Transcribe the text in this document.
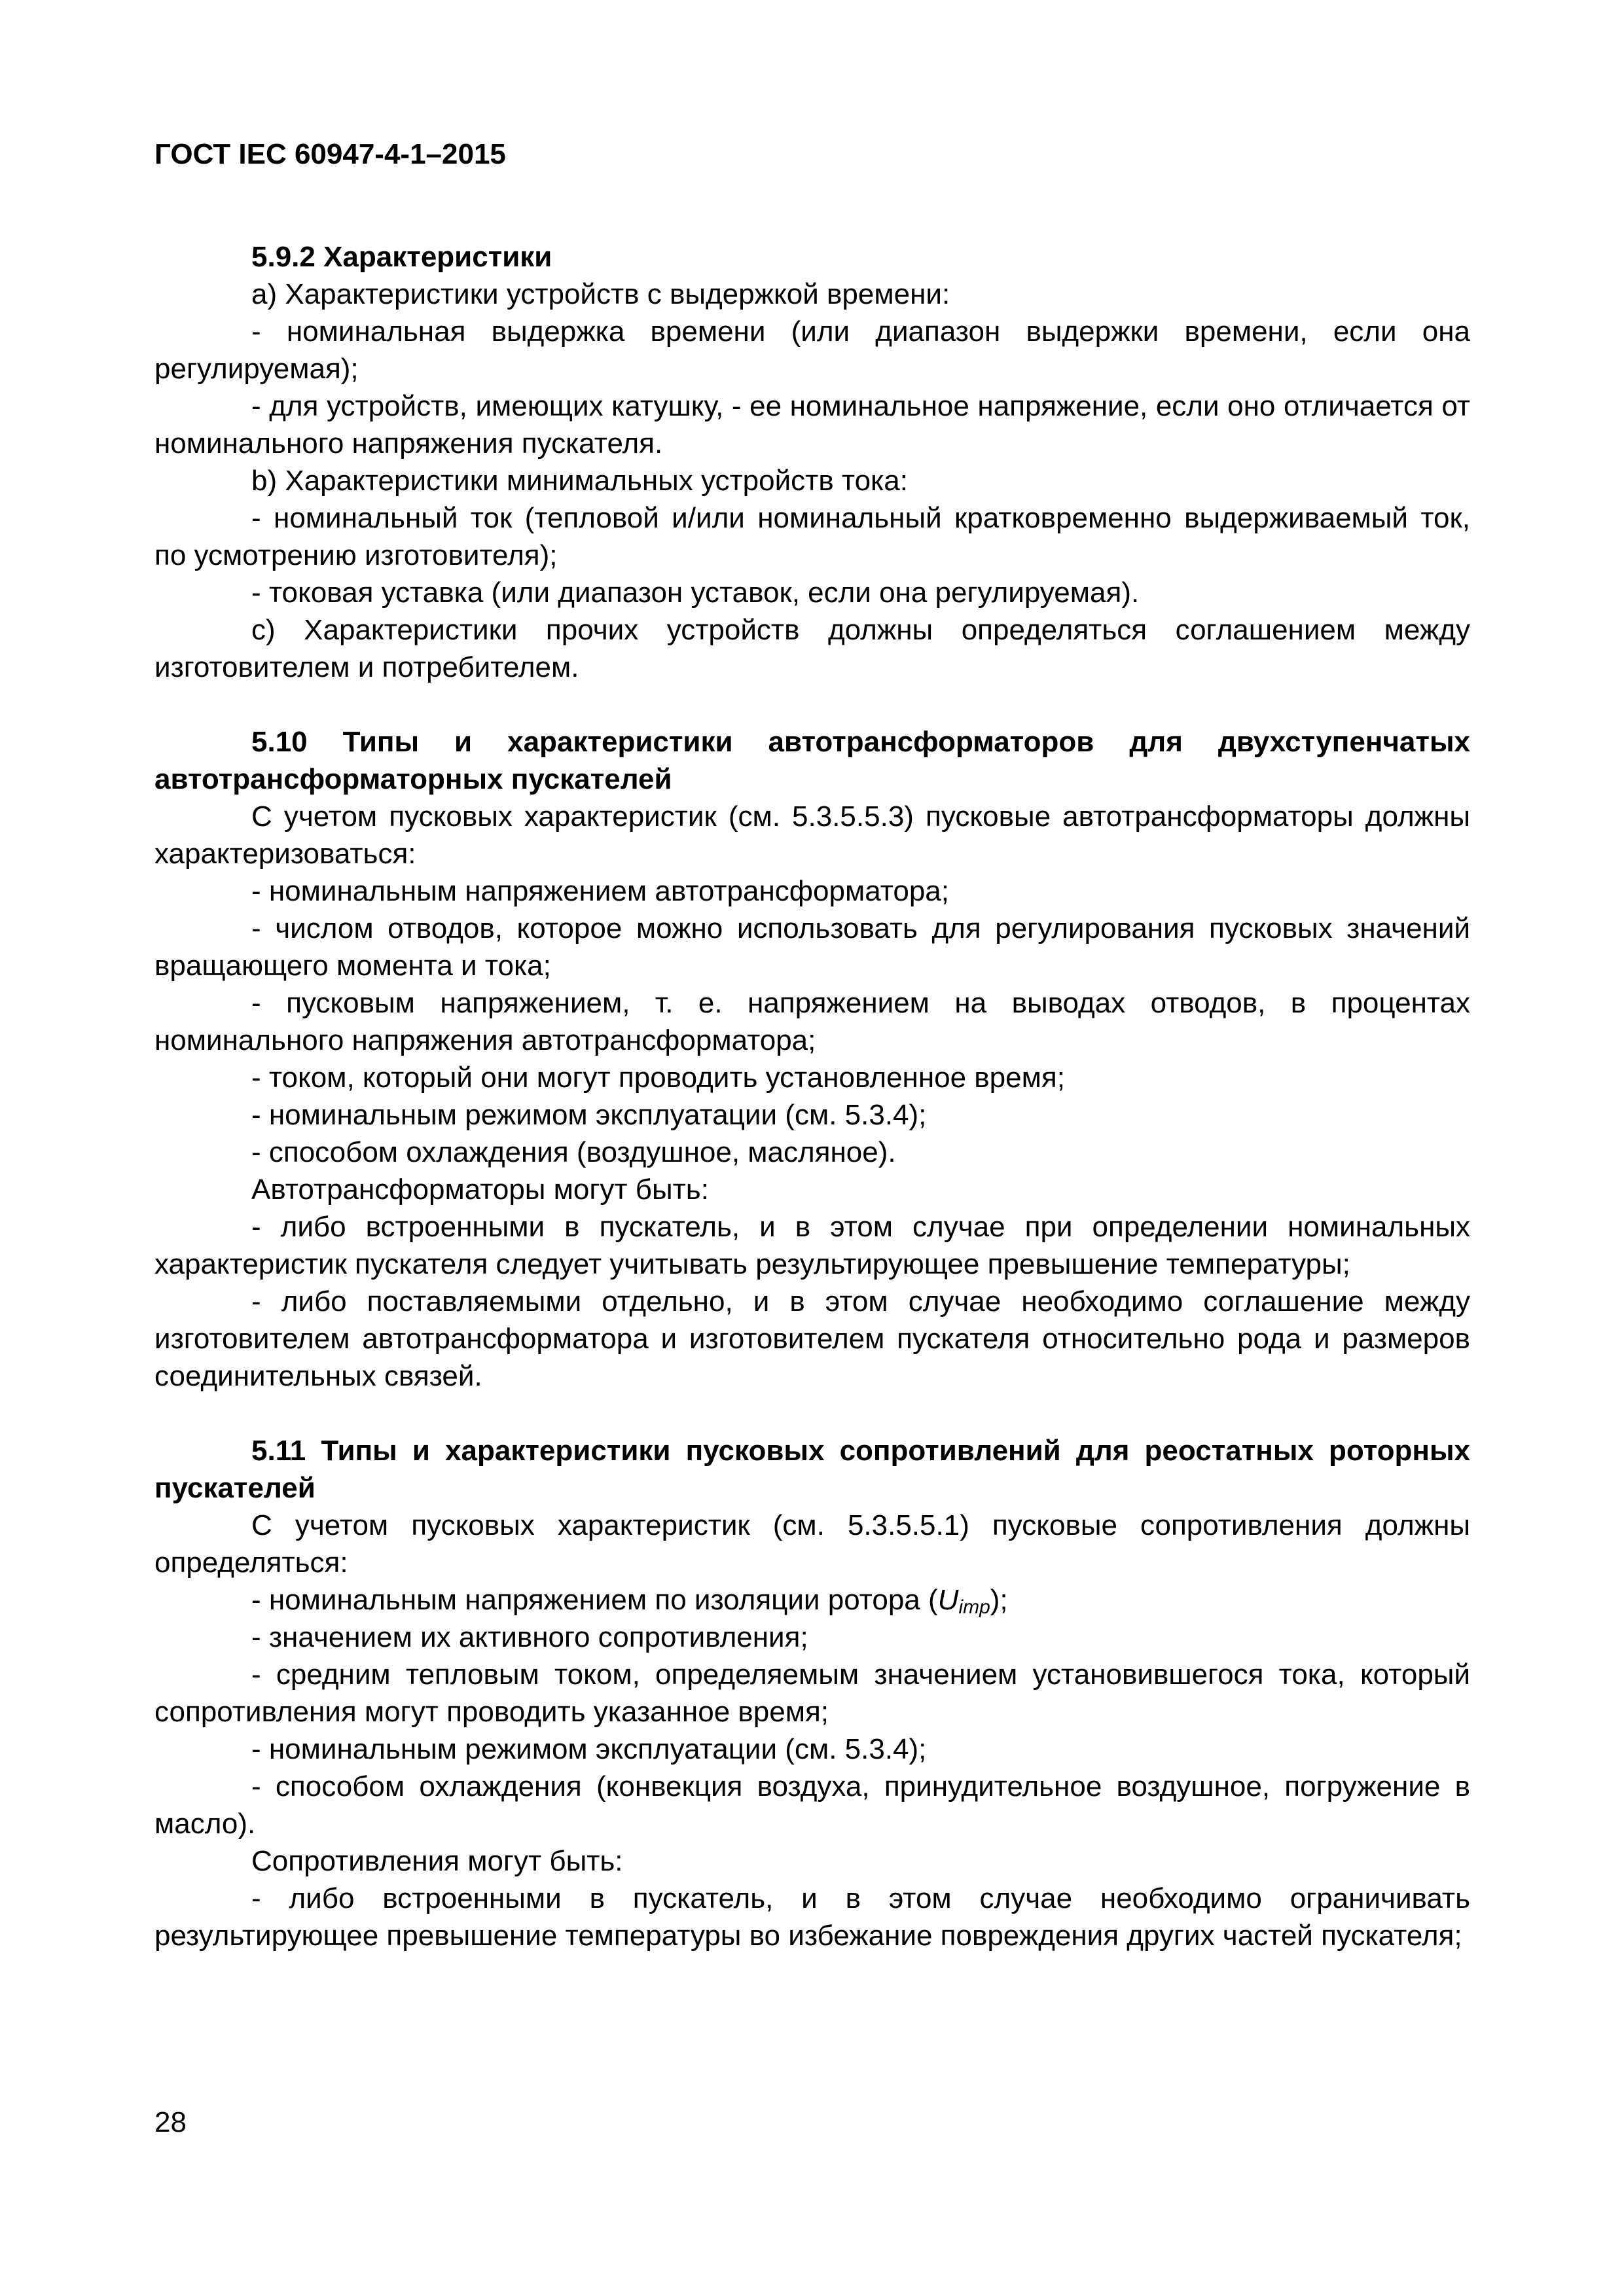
ГОСТ IEC 60947-4-1–2015

5.9.2 Характеристики

a) Характеристики устройств с выдержкой времени:

- номинальная выдержка времени (или диапазон выдержки времени, если она регулируемая);

- для устройств, имеющих катушку, - ее номинальное напряжение, если оно отличается от номинального напряжения пускателя.

b) Характеристики минимальных устройств тока:

- номинальный ток (тепловой и/или номинальный кратковременно выдерживаемый ток, по усмотрению изготовителя);

- токовая уставка (или диапазон уставок, если она регулируемая).

c) Характеристики прочих устройств должны определяться соглашением между изготовителем и потребителем.

5.10 Типы и характеристики автотрансформаторов для двухступенчатых автотрансформаторных пускателей

С учетом пусковых характеристик (см. 5.3.5.5.3) пусковые автотрансформаторы должны характеризоваться:

- номинальным напряжением автотрансформатора;

- числом отводов, которое можно использовать для регулирования пусковых значений вращающего момента и тока;

- пусковым напряжением, т. е. напряжением на выводах отводов, в процентах номинального напряжения автотрансформатора;

- током, который они могут проводить установленное время;

- номинальным режимом эксплуатации (см. 5.3.4);

- способом охлаждения (воздушное, масляное).

Автотрансформаторы могут быть:

- либо встроенными в пускатель, и в этом случае при определении номинальных характеристик пускателя следует учитывать результирующее превышение температуры;

- либо поставляемыми отдельно, и в этом случае необходимо соглашение между изготовителем автотрансформатора и изготовителем пускателя относительно рода и размеров соединительных связей.

5.11 Типы и характеристики пусковых сопротивлений для реостатных роторных пускателей

С учетом пусковых характеристик (см. 5.3.5.5.1) пусковые сопротивления должны определяться:

- номинальным напряжением по изоляции ротора $(U_{imp})$;

- значением их активного сопротивления;

- средним тепловым током, определяемым значением установившегося тока, который сопротивления могут проводить указанное время;

- номинальным режимом эксплуатации (см. 5.3.4);

- способом охлаждения (конвекция воздуха, принудительное воздушное, погружение в масло).

Сопротивления могут быть:

- либо встроенными в пускатель, и в этом случае необходимо ограничивать результирующее превышение температуры во избежание повреждения других частей пускателя;

28
